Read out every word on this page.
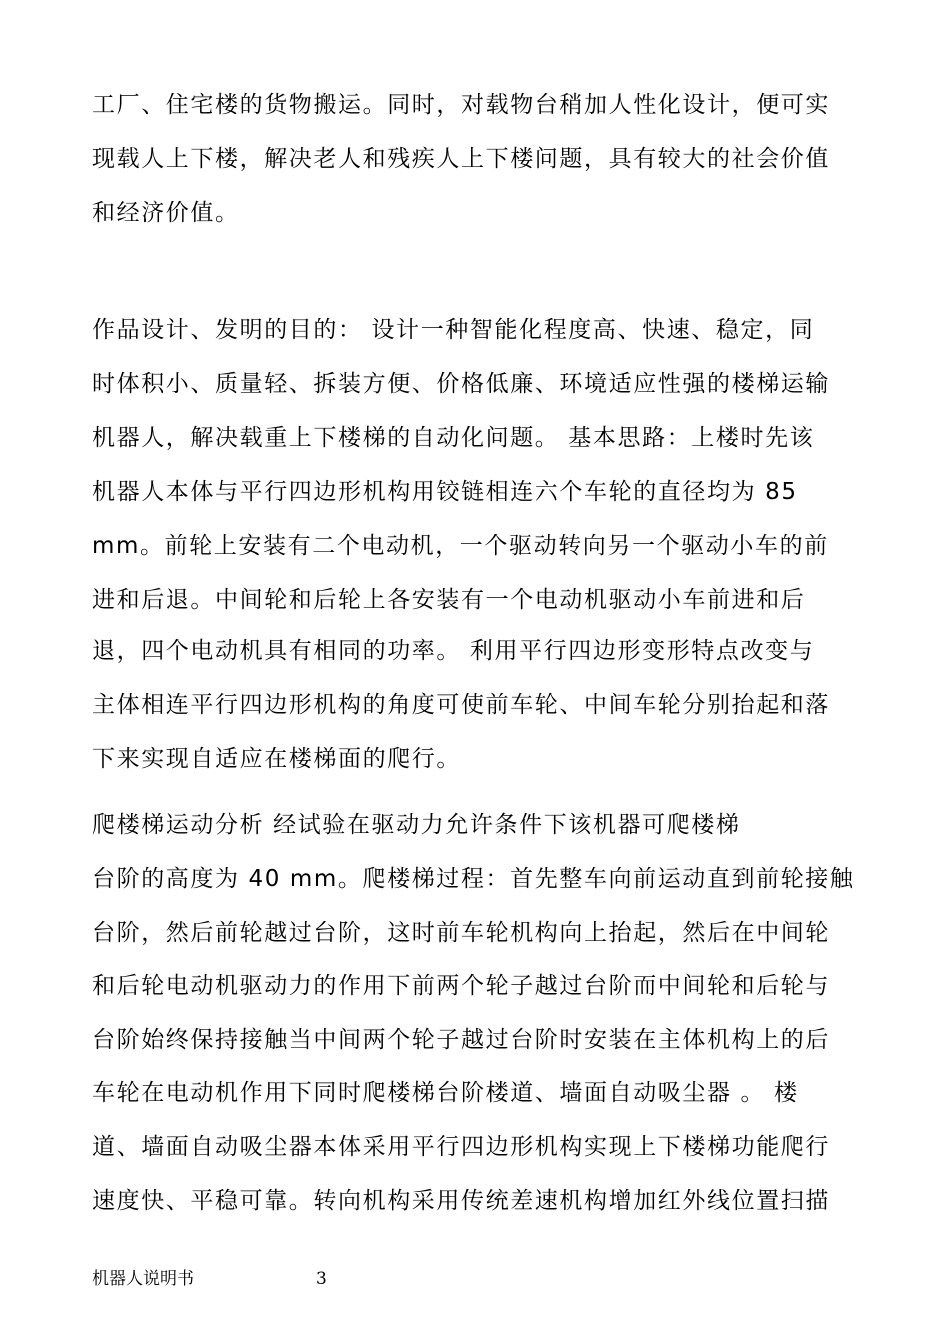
工厂、住宅楼的货物搬运。同时，对载物台稍加人性化设计，便可实
现载人上下楼，解决老人和残疾人上下楼问题，具有较大的社会价值
和经济价值。
作品设计、发明的目的： 设计一种智能化程度高、快速、稳定，同
时体积小、质量轻、拆装方便、价格低廉、环境适应性强的楼梯运输
机器人，解决载重上下楼梯的自动化问题。 基本思路：上楼时先该
机器人本体与平行四边形机构用铰链相连六个车轮的直径均为 85
mm。前轮上安装有二个电动机，一个驱动转向另一个驱动小车的前
进和后退。中间轮和后轮上各安装有一个电动机驱动小车前进和后
退，四个电动机具有相同的功率。 利用平行四边形变形特点改变与
主体相连平行四边形机构的角度可使前车轮、中间车轮分别抬起和落
下来实现自适应在楼梯面的爬行。
爬楼梯运动分析 经试验在驱动力允许条件下该机器可爬楼梯
台阶的高度为 40 mm。爬楼梯过程：首先整车向前运动直到前轮接触
台阶，然后前轮越过台阶，这时前车轮机构向上抬起，然后在中间轮
和后轮电动机驱动力的作用下前两个轮子越过台阶而中间轮和后轮与
台阶始终保持接触当中间两个轮子越过台阶时安装在主体机构上的后
车轮在电动机作用下同时爬楼梯台阶楼道、墙面自动吸尘器 。 楼
道、墙面自动吸尘器本体采用平行四边形机构实现上下楼梯功能爬行
速度快、平稳可靠。转向机构采用传统差速机构增加红外线位置扫描
机器人说明书	3
